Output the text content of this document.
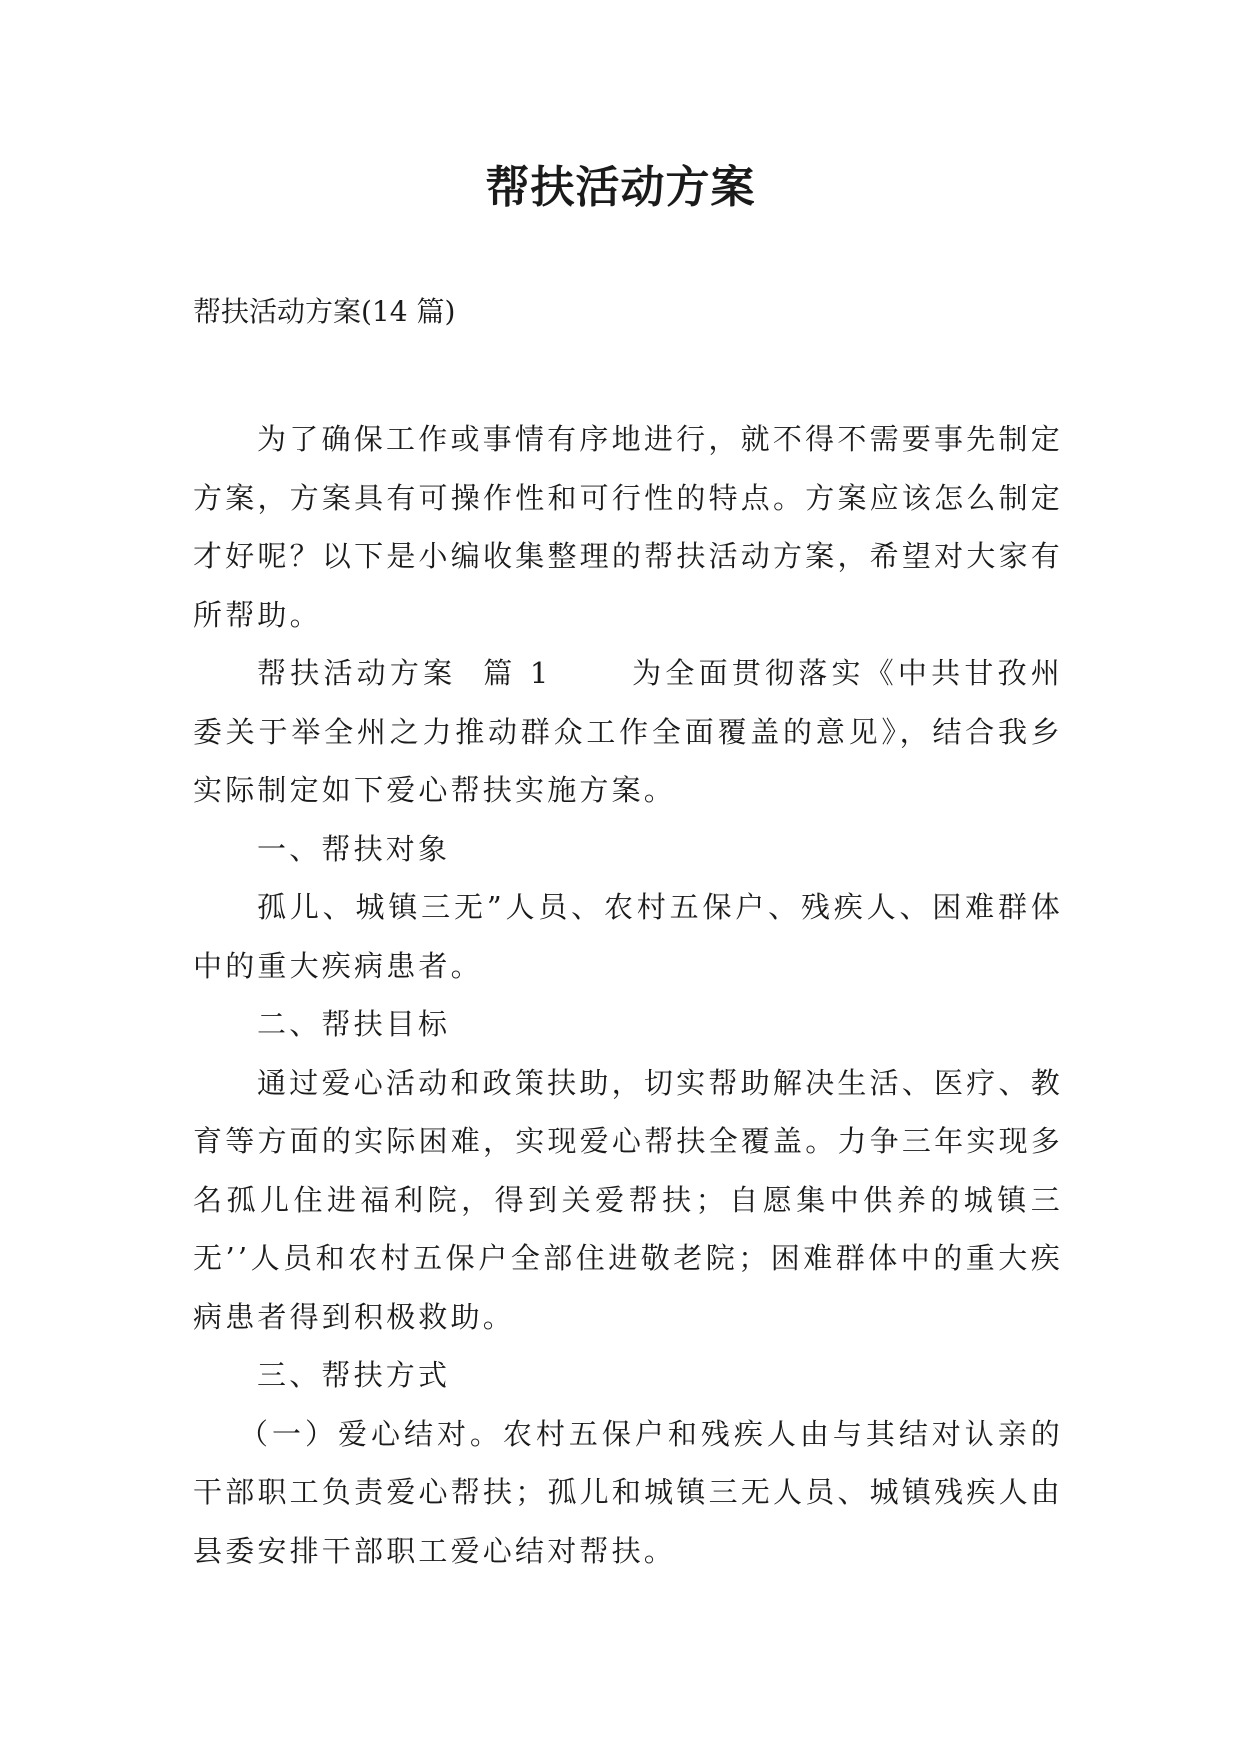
帮扶活动方案
帮扶活动方案(14 篇)

为了确保工作或事情有序地进行，就不得不需要事先制定方案，方案具有可操作性和可行性的特点。方案应该怎么制定才好呢？以下是小编收集整理的帮扶活动方案，希望对大家有所帮助。

帮扶活动方案  篇 1      为全面贯彻落实《中共甘孜州委关于举全州之力推动群众工作全面覆盖的意见》，结合我乡实际制定如下爱心帮扶实施方案。

一、帮扶对象

孤儿、城镇三无”人员、农村五保户、残疾人、困难群体中的重大疾病患者。

二、帮扶目标

通过爱心活动和政策扶助，切实帮助解决生活、医疗、教育等方面的实际困难，实现爱心帮扶全覆盖。力争三年实现多名孤儿住进福利院，得到关爱帮扶；自愿集中供养的城镇三无’’人员和农村五保户全部住进敬老院；困难群体中的重大疾病患者得到积极救助。

三、帮扶方式

（一）爱心结对。农村五保户和残疾人由与其结对认亲的干部职工负责爱心帮扶；孤儿和城镇三无人员、城镇残疾人由县委安排干部职工爱心结对帮扶。
